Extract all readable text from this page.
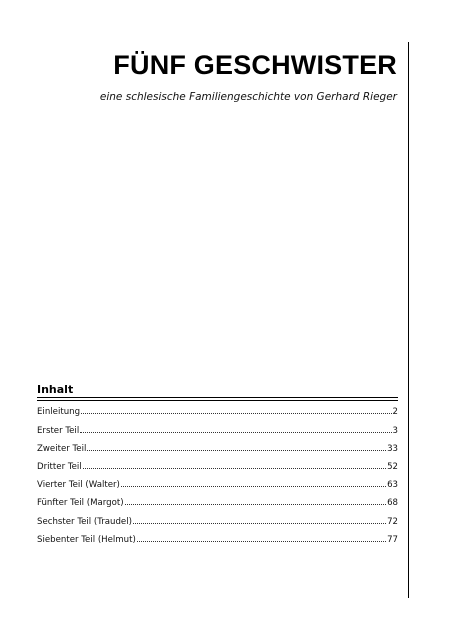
FÜNF GESCHWISTER

eine schlesische Familiengeschichte von Gerhard Rieger

Inhalt
Einleitung	2
Erster Teil	3
Zweiter Teil	33
Dritter Teil	52
Vierter Teil (Walter)	63
Fünfter Teil (Margot)	68
Sechster Teil (Traudel)	72
Siebenter Teil (Helmut)	77
